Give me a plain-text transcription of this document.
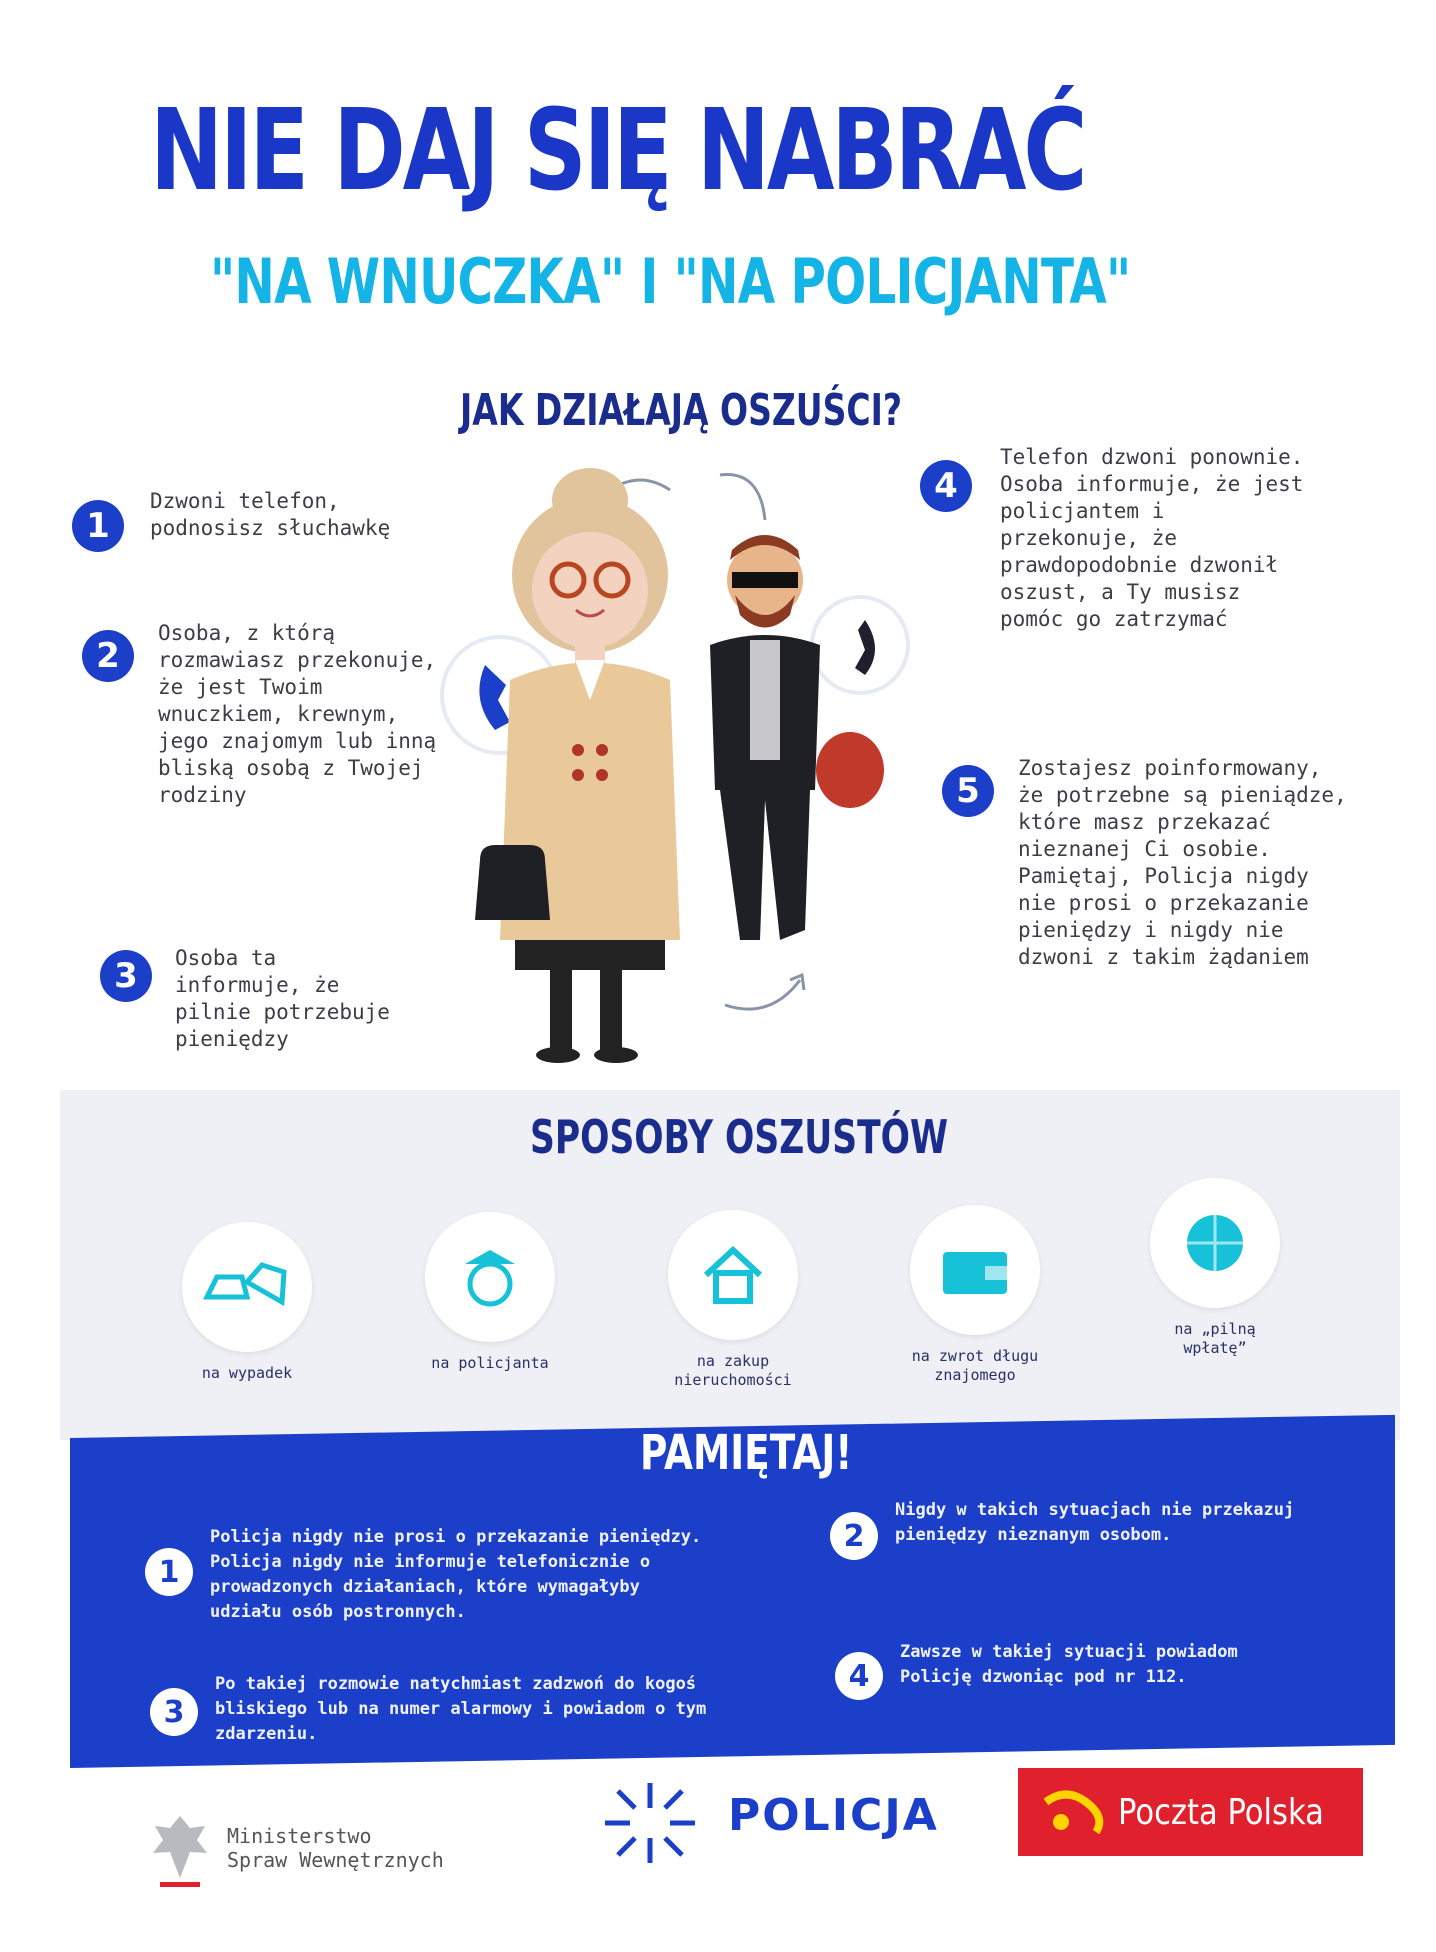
NIE DAJ SIĘ NABRAĆ
"NA WNUCZKA" I "NA POLICJANTA"
JAK DZIAŁAJĄ OSZUŚCI?
1
Dzwoni telefon, podnosisz słuchawkę
2
Osoba, z którą rozmawiasz przekonuje, że jest Twoim wnuczkiem, krewnym, jego znajomym lub inną bliską osobą z Twojej rodziny
3	Osoba ta informuje, że pilnie potrzebuje pieniędzy
4
Telefon dzwoni ponownie. Osoba informuje, że jest policjantem i przekonuje, że prawdopodobnie dzwonił oszust, a Ty musisz pomóc go zatrzymać
5
Zostajesz poinformowany, że potrzebne są pieniądze, które masz przekazać nieznanej Ci osobie. Pamiętaj, Policja nigdy nie prosi o przekazanie pieniędzy i nigdy nie dzwoni z takim żądaniem
SPOSOBY OSZUSTÓW
na wypadek
na policjanta	na zakup nieruchomości
na zwrot długu znajomego
na „pilną wpłatę”
PAMIĘTAJ!
1
Policja nigdy nie prosi o przekazanie pieniędzy. Policja nigdy nie informuje telefonicznie o prowadzonych działaniach, które wymagałyby udziału osób postronnych.
2
Nigdy w takich sytuacjach nie przekazuj pieniędzy nieznanym osobom.
3
Po takiej rozmowie natychmiast zadzwoń do kogoś bliskiego lub na numer alarmowy i powiadom o tym zdarzeniu.
4
Zawsze w takiej sytuacji powiadom Policję dzwoniąc pod nr 112.
Ministerstwo
Spraw Wewnętrznych
POLICJA	Poczta Polska
